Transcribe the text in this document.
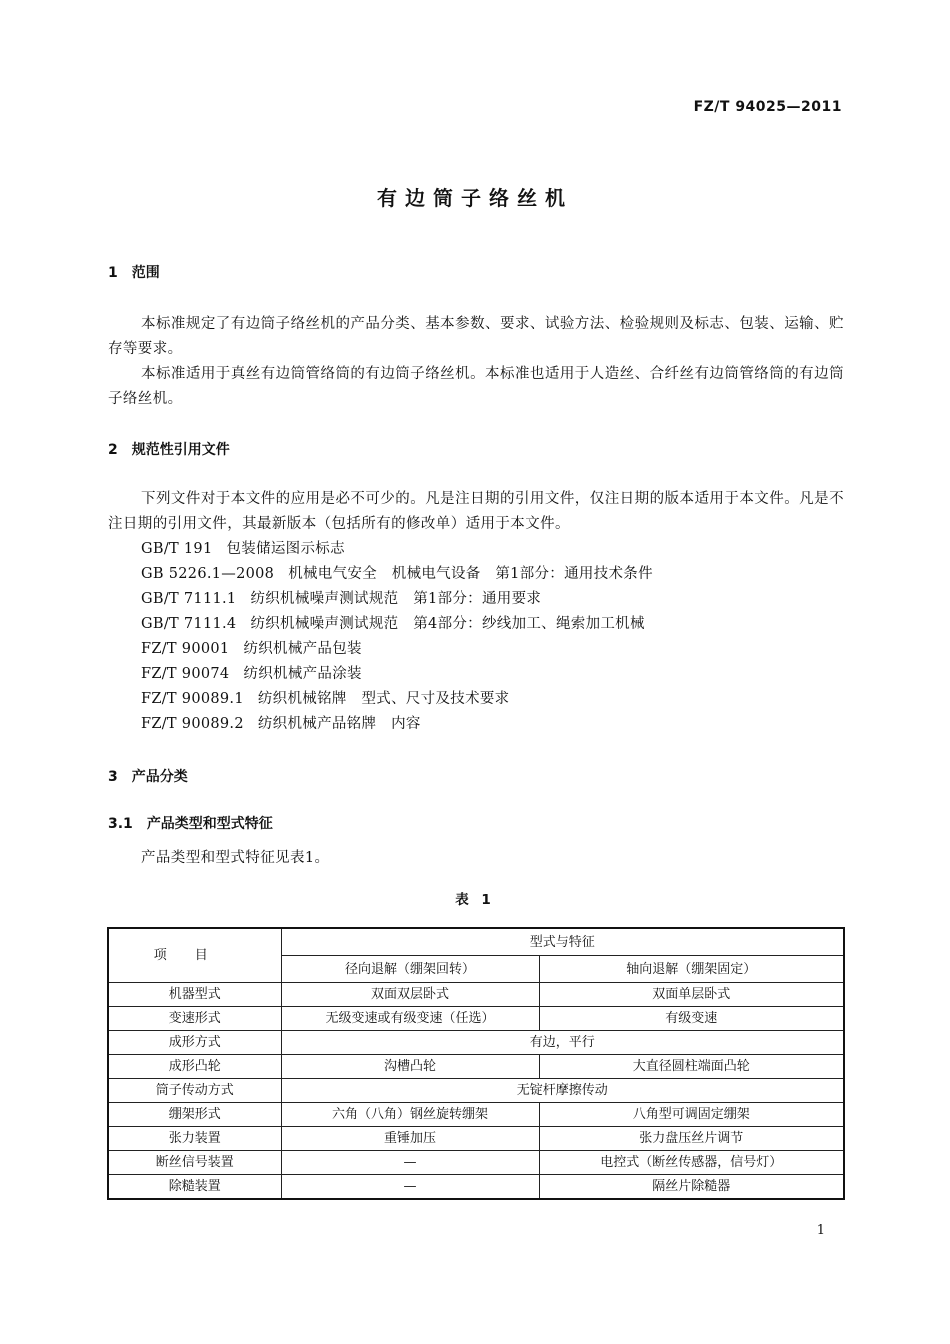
FZ/T 94025—2011
有边筒子络丝机
1 范围
本标准规定了有边筒子络丝机的产品分类、基本参数、要求、试验方法、检验规则及标志、包装、运输、贮存等要求。
本标准适用于真丝有边筒管络筒的有边筒子络丝机。本标准也适用于人造丝、合纤丝有边筒管络筒的有边筒子络丝机。
2 规范性引用文件
下列文件对于本文件的应用是必不可少的。凡是注日期的引用文件，仅注日期的版本适用于本文件。凡是不注日期的引用文件，其最新版本（包括所有的修改单）适用于本文件。
GB/T 191 包装储运图示标志
GB 5226.1—2008 机械电气安全　机械电气设备　第1部分：通用技术条件
GB/T 7111.1 纺织机械噪声测试规范　第1部分：通用要求
GB/T 7111.4 纺织机械噪声测试规范　第4部分：纱线加工、绳索加工机械
FZ/T 90001 纺织机械产品包装
FZ/T 90074 纺织机械产品涂装
FZ/T 90089.1 纺织机械铭牌　型式、尺寸及技术要求
FZ/T 90089.2 纺织机械产品铭牌　内容
3 产品分类
3.1 产品类型和型式特征
产品类型和型式特征见表1。
表 1
项目	型式与特征	
	径向退解（绷架回转）	轴向退解（绷架固定）
机器型式	双面双层卧式	双面单层卧式
变速形式	无级变速或有级变速（任选）	有级变速
成形方式	有边，平行	
成形凸轮	沟槽凸轮	大直径圆柱端面凸轮
筒子传动方式	无锭杆摩擦传动	
绷架形式	六角（八角）钢丝旋转绷架	八角型可调固定绷架
张力装置	重锤加压	张力盘压丝片调节
断丝信号装置	—	电控式（断丝传感器，信号灯）
除糙装置	—	隔丝片除糙器
1
